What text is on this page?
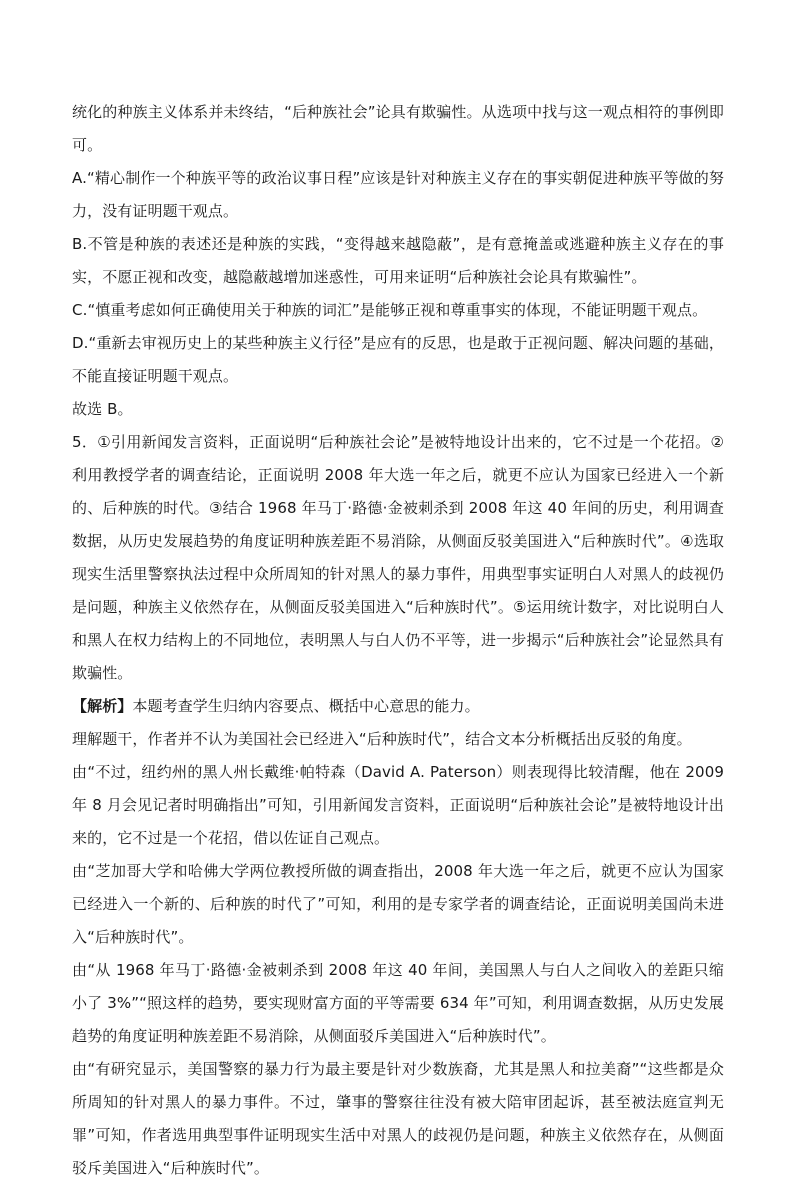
统化的种族主义体系并未终结，“后种族社会”论具有欺骗性。从选项中找与这一观点相符的事例即可。

A.“精心制作一个种族平等的政治议事日程”应该是针对种族主义存在的事实朝促进种族平等做的努力，没有证明题干观点。

B.不管是种族的表述还是种族的实践，“变得越来越隐蔽”，是有意掩盖或逃避种族主义存在的事实，不愿正视和改变，越隐蔽越增加迷惑性，可用来证明“后种族社会论具有欺骗性”。

C.“慎重考虑如何正确使用关于种族的词汇”是能够正视和尊重事实的体现，不能证明题干观点。

D.“重新去审视历史上的某些种族主义行径”是应有的反思，也是敢于正视问题、解决问题的基础，不能直接证明题干观点。

故选 B。

5．①引用新闻发言资料，正面说明“后种族社会论”是被特地设计出来的，它不过是一个花招。②利用教授学者的调查结论，正面说明 2008 年大选一年之后，就更不应认为国家已经进入一个新的、后种族的时代。③结合 1968 年马丁·路德·金被刺杀到 2008 年这 40 年间的历史，利用调查数据，从历史发展趋势的角度证明种族差距不易消除，从侧面反驳美国进入“后种族时代”。④选取现实生活里警察执法过程中众所周知的针对黑人的暴力事件，用典型事实证明白人对黑人的歧视仍是问题，种族主义依然存在，从侧面反驳美国进入“后种族时代”。⑤运用统计数字，对比说明白人和黑人在权力结构上的不同地位，表明黑人与白人仍不平等，进一步揭示“后种族社会”论显然具有欺骗性。

【解析】本题考查学生归纳内容要点、概括中心意思的能力。

理解题干，作者并不认为美国社会已经进入“后种族时代”，结合文本分析概括出反驳的角度。

由“不过，纽约州的黑人州长戴维·帕特森（David A. Paterson）则表现得比较清醒，他在 2009 年 8 月会见记者时明确指出”可知，引用新闻发言资料，正面说明“后种族社会论”是被特地设计出来的，它不过是一个花招，借以佐证自己观点。

由“芝加哥大学和哈佛大学两位教授所做的调查指出，2008 年大选一年之后，就更不应认为国家已经进入一个新的、后种族的时代了”可知，利用的是专家学者的调查结论，正面说明美国尚未进入“后种族时代”。

由“从 1968 年马丁·路德·金被刺杀到 2008 年这 40 年间，美国黑人与白人之间收入的差距只缩小了 3%”“照这样的趋势，要实现财富方面的平等需要 634 年”可知，利用调查数据，从历史发展趋势的角度证明种族差距不易消除，从侧面驳斥美国进入“后种族时代”。

由“有研究显示，美国警察的暴力行为最主要是针对少数族裔，尤其是黑人和拉美裔”“这些都是众所周知的针对黑人的暴力事件。不过，肇事的警察往往没有被大陪审团起诉，甚至被法庭宣判无罪”可知，作者选用典型事件证明现实生活中对黑人的歧视仍是问题，种族主义依然存在，从侧面驳斥美国进入“后种族时代”。
